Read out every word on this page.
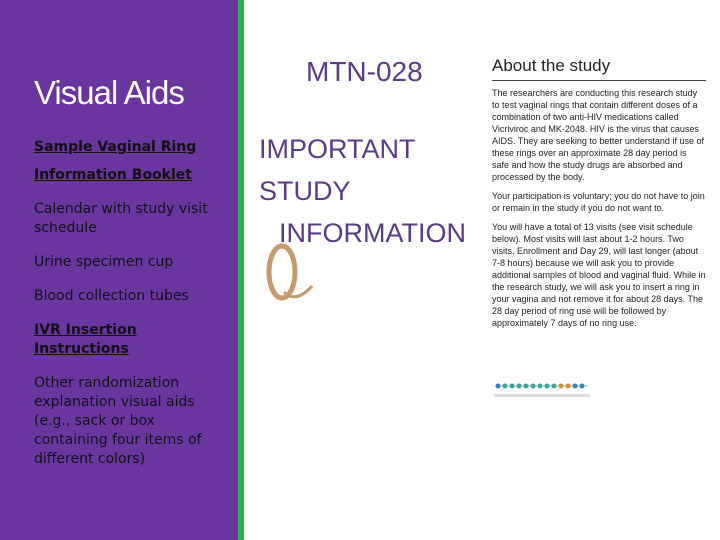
Visual Aids

Sample Vaginal Ring

Information Booklet

Calendar with study visit schedule

Urine specimen cup

Blood collection tubes

IVR Insertion Instructions

Other randomization explanation visual aids (e.g., sack or box containing four items of different colors)

MTN-028
IMPORTANT STUDY
INFORMATION
About the study

The researchers are conducting this research study to test vaginal rings that contain different doses of a combination of two anti-HIV medications called Vicriviroc and MK-2048. HIV is the virus that causes AIDS. They are seeking to better understand if use of these rings over an approximate 28 day period is safe and how the study drugs are absorbed and processed by the body.

Your participation is voluntary; you do not have to join or remain in the study if you do not want to.

You will have a total of 13 visits (see visit schedule below). Most visits will last about 1-2 hours. Two visits, Enrollment and Day 29, will last longer (about 7-8 hours) because we will ask you to provide additional samples of blood and vaginal fluid. While in the research study, we will ask you to insert a ring in your vagina and not remove it for about 28 days. The 28 day period of ring use will be followed by approximately 7 days of no ring use.
